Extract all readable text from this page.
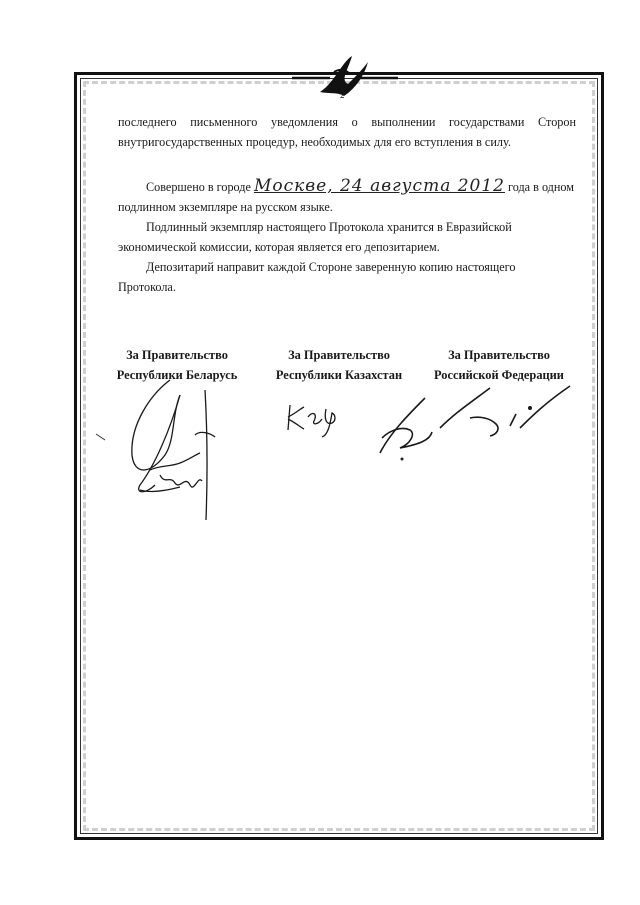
2
последнего письменного уведомления о выполнении государствами Сторон
внутригосударственных процедур, необходимых для его вступления в силу.
Совершено в городе Москве, 24 августа 2012 года в одном
подлинном экземпляре на русском языке.
Подлинный экземпляр настоящего Протокола хранится в Евразийской
экономической комиссии, которая является его депозитарием.
Депозитарий направит каждой Стороне заверенную копию настоящего
Протокола.
За Правительство
Республики Беларусь
За Правительство
Республики Казахстан
За Правительство
Российской Федерации
